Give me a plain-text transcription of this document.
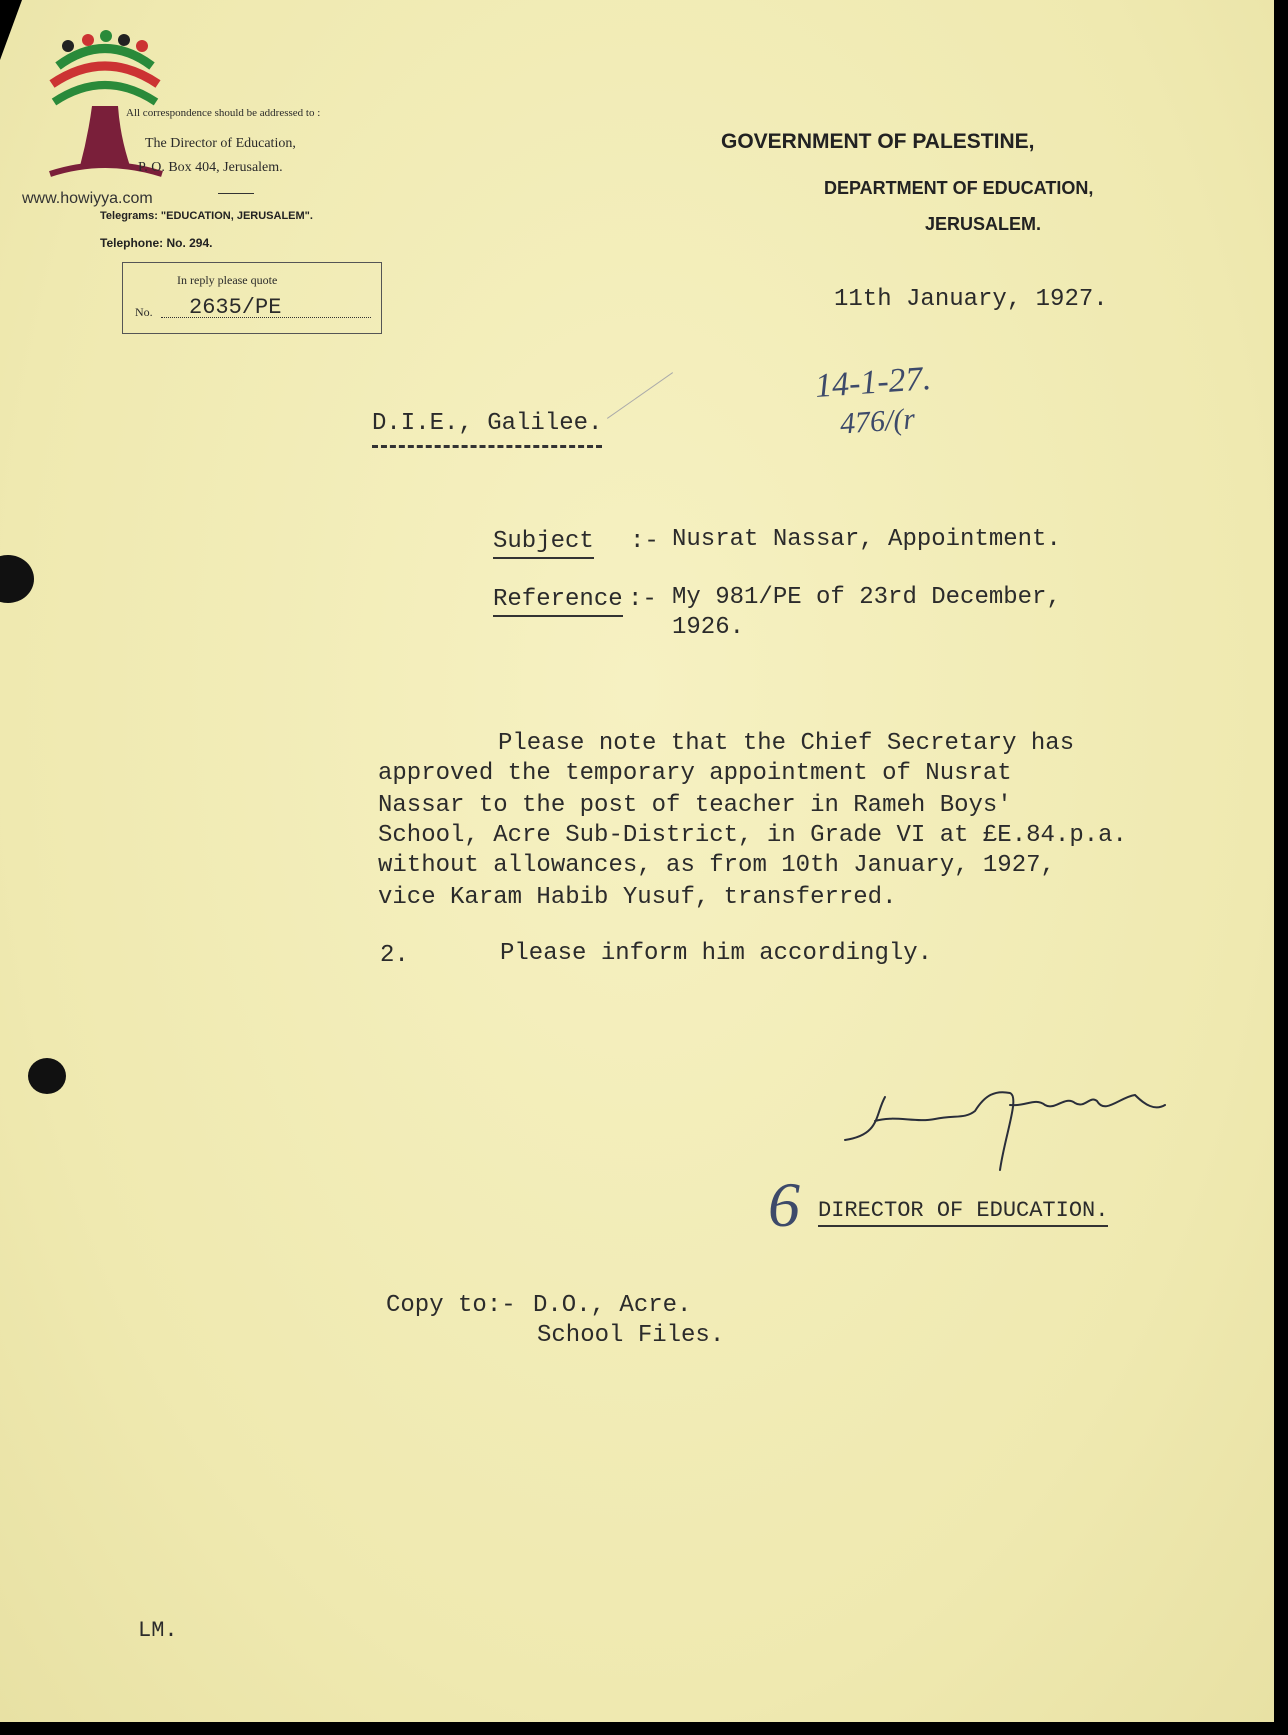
www.howiyya.com
All correspondence should be addressed to :
The Director of Education,
P. O. Box 404, Jerusalem.
Telegrams: "EDUCATION, JERUSALEM".
Telephone: No. 294.
In reply please quote
No. 2635/PE
GOVERNMENT OF PALESTINE,
DEPARTMENT OF EDUCATION,
JERUSALEM.
11th January, 1927.
14-1-27.
476/(r
D.I.E., Galilee.
Subject :- Nusrat Nassar, Appointment.
Reference :- My 981/PE of 23rd December,
1926.
Please note that the Chief Secretary has
approved the temporary appointment of Nusrat
Nassar to the post of teacher in Rameh Boys'
School, Acre Sub-District, in Grade VI at £E.84.p.a.
without allowances, as from 10th January, 1927,
vice Karam Habib Yusuf, transferred.
2.	Please inform him accordingly.
6 DIRECTOR OF EDUCATION.
Copy to:- D.O., Acre.
School Files.
LM.
